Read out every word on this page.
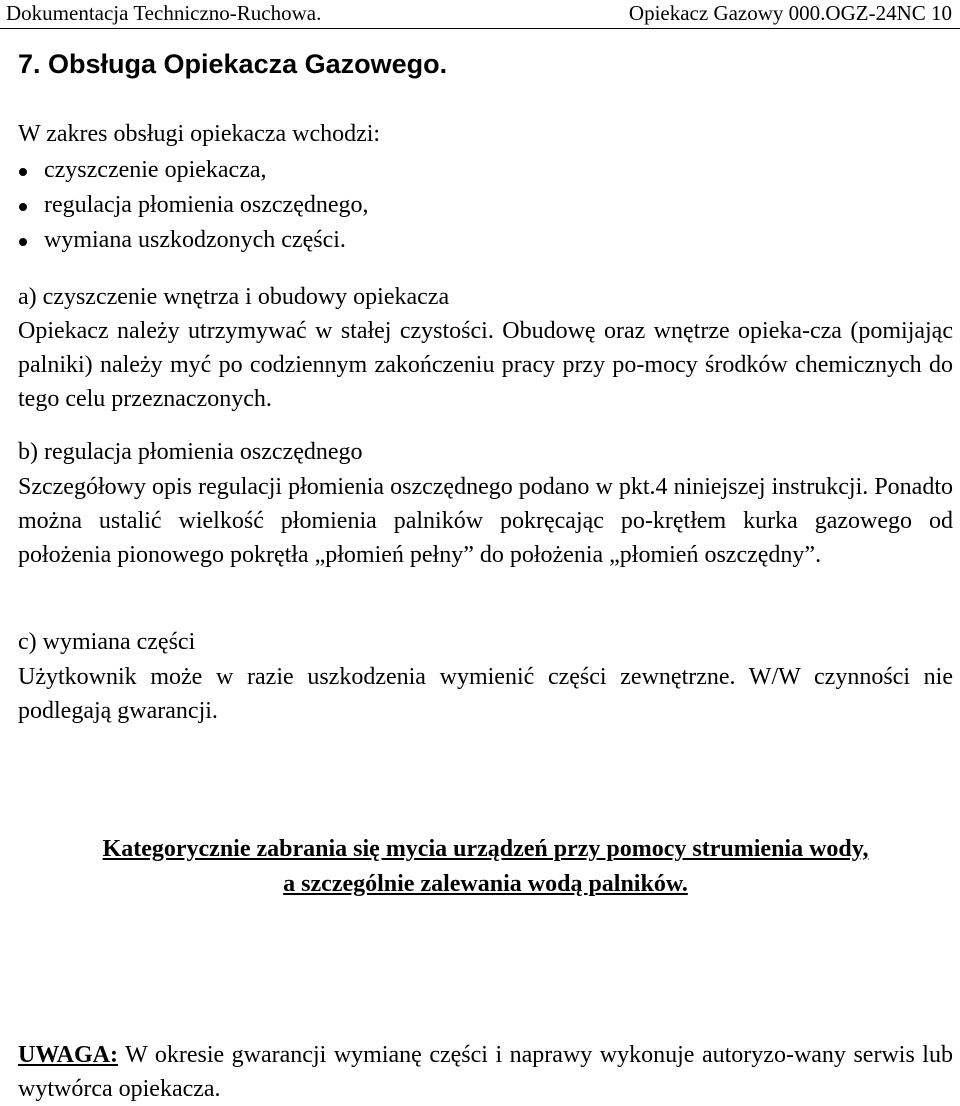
Dokumentacja Techniczno-Ruchowa.	Opiekacz Gazowy 000.OGZ-24NC 10
7. Obsługa Opiekacza Gazowego.
W zakres obsługi opiekacza wchodzi:
czyszczenie opiekacza,
regulacja płomienia oszczędnego,
wymiana uszkodzonych części.
a) czyszczenie wnętrza i obudowy opiekacza
Opiekacz należy utrzymywać w stałej czystości. Obudowę oraz wnętrze opieka-cza (pomijając palniki) należy myć po codziennym zakończeniu pracy przy po-mocy środków chemicznych do tego celu przeznaczonych.
b) regulacja płomienia oszczędnego
Szczegółowy opis regulacji płomienia oszczędnego podano w pkt.4 niniejszej instrukcji. Ponadto można ustalić wielkość płomienia palników pokręcając po-krętłem kurka gazowego od położenia pionowego pokrętła „płomień pełny” do położenia „płomień oszczędny”.
c) wymiana części
Użytkownik może w razie uszkodzenia wymienić części zewnętrzne. W/W czynności nie podlegają gwarancji.
Kategorycznie zabrania się mycia urządzeń przy pomocy strumienia wody,
a szczególnie zalewania wodą palników.
UWAGA: W okresie gwarancji wymianę części i naprawy wykonuje autoryzo-wany serwis lub wytwórca opiekacza.
